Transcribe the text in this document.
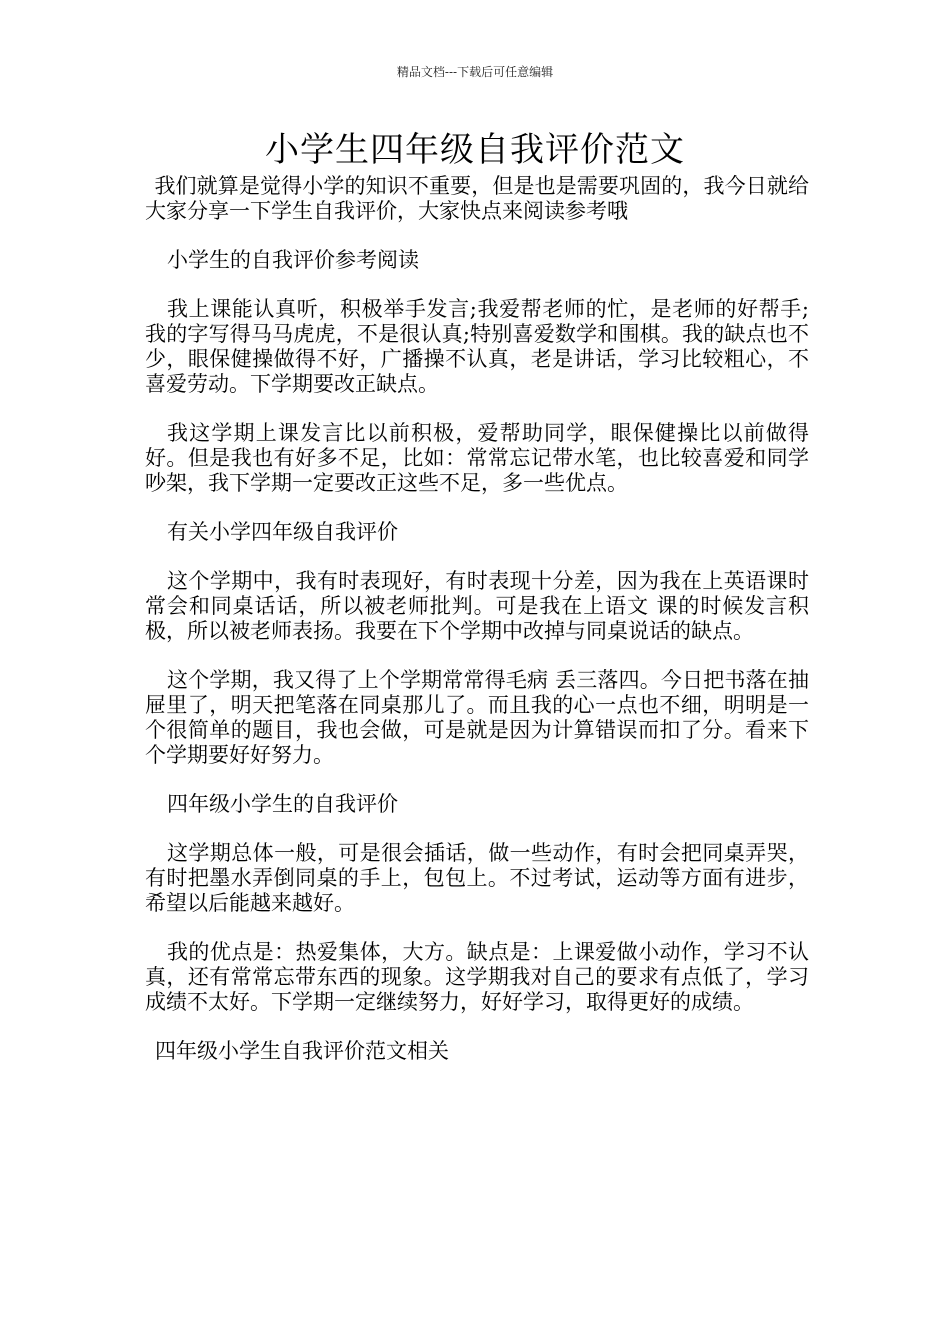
精品文档---下载后可任意编辑
小学生四年级自我评价范文

我们就算是觉得小学的知识不重要，但是也是需要巩固的，我今日就给大家分享一下学生自我评价，大家快点来阅读参考哦

小学生的自我评价参考阅读

我上课能认真听，积极举手发言;我爱帮老师的忙，是老师的好帮手;我的字写得马马虎虎，不是很认真;特别喜爱数学和围棋。我的缺点也不少，眼保健操做得不好，广播操不认真，老是讲话，学习比较粗心，不喜爱劳动。下学期要改正缺点。

我这学期上课发言比以前积极，爱帮助同学，眼保健操比以前做得好。但是我也有好多不足，比如：常常忘记带水笔，也比较喜爱和同学吵架，我下学期一定要改正这些不足，多一些优点。

有关小学四年级自我评价

这个学期中，我有时表现好，有时表现十分差，因为我在上英语课时常会和同桌话话，所以被老师批判。可是我在上语文 课的时候发言积极，所以被老师表扬。我要在下个学期中改掉与同桌说话的缺点。

这个学期，我又得了上个学期常常得毛病 丢三落四。今日把书落在抽屉里了，明天把笔落在同桌那儿了。而且我的心一点也不细，明明是一个很简单的题目，我也会做，可是就是因为计算错误而扣了分。看来下个学期要好好努力。

四年级小学生的自我评价

这学期总体一般，可是很会插话，做一些动作，有时会把同桌弄哭，有时把墨水弄倒同桌的手上，包包上。不过考试，运动等方面有进步，希望以后能越来越好。

我的优点是：热爱集体，大方。缺点是：上课爱做小动作，学习不认真，还有常常忘带东西的现象。这学期我对自己的要求有点低了，学习成绩不太好。下学期一定继续努力，好好学习，取得更好的成绩。

四年级小学生自我评价范文相关
